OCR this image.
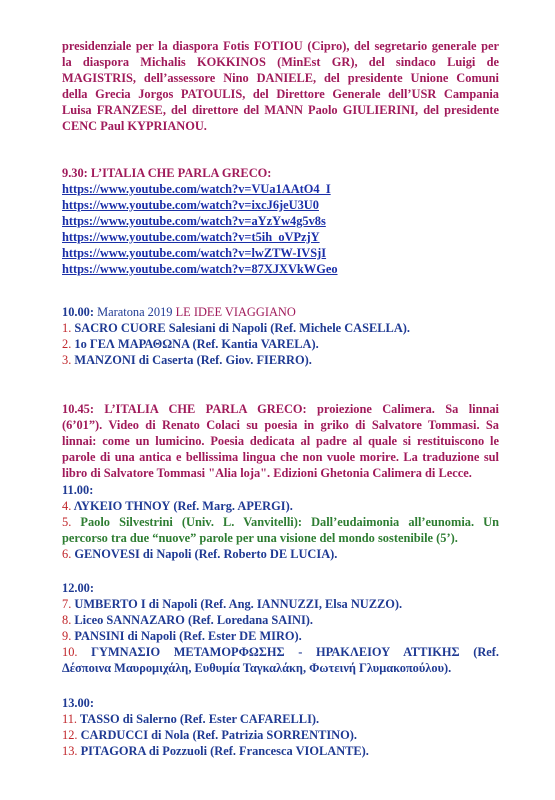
presidenziale per la diaspora Fotis FOTIOU (Cipro), del segretario generale per
la diaspora Michalis KOKKINOS (MinEst GR), del sindaco Luigi de
MAGISTRIS, dell’assessore Nino DANIELE, del presidente Unione Comuni
della Grecia Jorgos PATOULIS, del Direttore Generale dell’USR Campania
Luisa FRANZESE, del direttore del MANN Paolo GIULIERINI, del presidente
CENC Paul KYPRIANOU.
9.30: L’ITALIA CHE PARLA GRECO:
https://www.youtube.com/watch?v=VUa1AAtO4_I
https://www.youtube.com/watch?v=ixcJ6jeU3U0
https://www.youtube.com/watch?v=aYzYw4g5v8s
https://www.youtube.com/watch?v=t5ih_oVPzjY
https://www.youtube.com/watch?v=lwZTW-IVSjI
https://www.youtube.com/watch?v=87XJXVkWGeo
10.00: Maratona 2019 LE IDEE VIAGGIANO
1. SACRO CUORE Salesiani di Napoli (Ref. Michele CASELLA).
2. 1o ΓΕΛ ΜΑΡΑΘΩΝΑ (Ref. Kantia VARELA).
3. MANZONI di Caserta (Ref. Giov. FIERRO).
10.45: L’ITALIA CHE PARLA GRECO: proiezione Calimera. Sa linnai
(6’01”). Video di Renato Colaci su poesia in griko di Salvatore Tommasi. Sa
linnai: come un lumicino. Poesia dedicata al padre al quale si restituiscono le
parole di una antica e bellissima lingua che non vuole morire. La traduzione sul
libro di Salvatore Tommasi "Alia loja". Edizioni Ghetonia Calimera di Lecce.
11.00:
4. ΛΥΚΕΙΟ ΤΗΝΟΥ (Ref. Marg. APERGI).
5. Paolo Silvestrini (Univ. L. Vanvitelli): Dall’eudaimonia all’eunomia. Un
percorso tra due “nuove” parole per una visione del mondo sostenibile (5’).
6. GENOVESI di Napoli (Ref. Roberto DE LUCIA).
12.00:
7. UMBERTO I di Napoli (Ref. Ang. IANNUZZI, Elsa NUZZO).
8. Liceo SANNAZARO (Ref. Loredana SAINI).
9. PANSINI di Napoli (Ref. Ester DE MIRO).
10. ΓΥΜΝΑΣΙΟ ΜΕΤΑΜΟΡΦΩΣΗΣ - ΗΡΑΚΛΕΙΟΥ ΑΤΤΙΚΗΣ (Ref.
Δέσποινα Μαυρομιχάλη, Ευθυμία Ταγκαλάκη, Φωτεινή Γλυμακοπούλου).
13.00:
11. TASSO di Salerno (Ref. Ester CAFARELLI).
12. CARDUCCI di Nola (Ref. Patrizia SORRENTINO).
13. PITAGORA di Pozzuoli (Ref. Francesca VIOLANTE).
